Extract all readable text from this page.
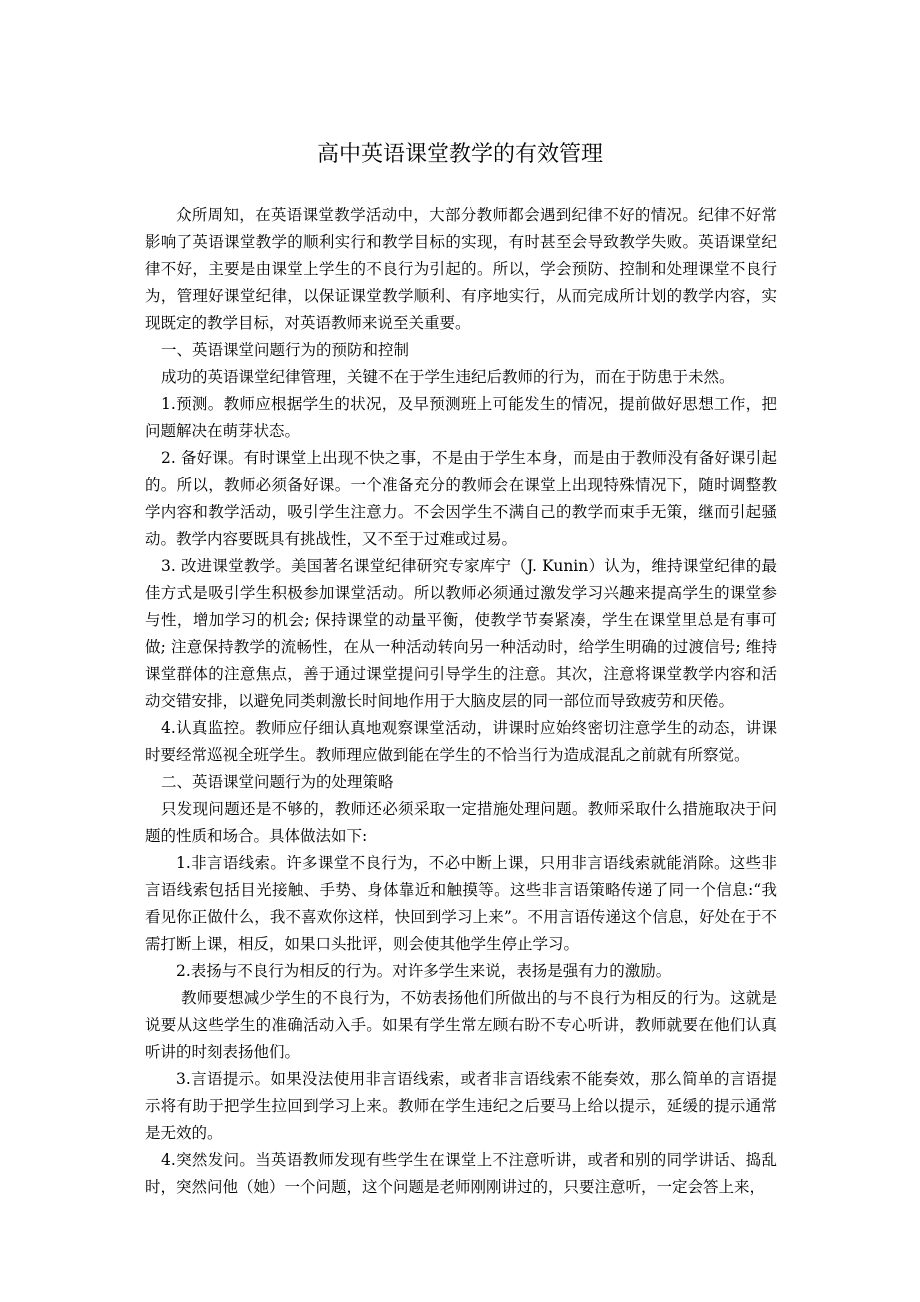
高中英语课堂教学的有效管理

众所周知，在英语课堂教学活动中，大部分教师都会遇到纪律不好的情况。纪律不好常影响了英语课堂教学的顺利实行和教学目标的实现，有时甚至会导致教学失败。英语课堂纪律不好，主要是由课堂上学生的不良行为引起的。所以，学会预防、控制和处理课堂不良行为，管理好课堂纪律，以保证课堂教学顺利、有序地实行，从而完成所计划的教学内容，实现既定的教学目标，对英语教师来说至关重要。

一、英语课堂问题行为的预防和控制

成功的英语课堂纪律管理，关键不在于学生违纪后教师的行为，而在于防患于未然。

1.预测。教师应根据学生的状况，及早预测班上可能发生的情况，提前做好思想工作，把问题解决在萌芽状态。

2. 备好课。有时课堂上出现不快之事，不是由于学生本身，而是由于教师没有备好课引起的。所以，教师必须备好课。一个准备充分的教师会在课堂上出现特殊情况下，随时调整教学内容和教学活动，吸引学生注意力。不会因学生不满自己的教学而束手无策，继而引起骚动。教学内容要既具有挑战性，又不至于过难或过易。

3. 改进课堂教学。美国著名课堂纪律研究专家库宁（J. Kunin）认为，维持课堂纪律的最佳方式是吸引学生积极参加课堂活动。所以教师必须通过激发学习兴趣来提高学生的课堂参与性，增加学习的机会; 保持课堂的动量平衡，使教学节奏紧凑，学生在课堂里总是有事可做; 注意保持教学的流畅性，在从一种活动转向另一种活动时，给学生明确的过渡信号; 维持课堂群体的注意焦点，善于通过课堂提问引导学生的注意。其次，注意将课堂教学内容和活动交错安排，以避免同类刺激长时间地作用于大脑皮层的同一部位而导致疲劳和厌倦。

4.认真监控。教师应仔细认真地观察课堂活动，讲课时应始终密切注意学生的动态，讲课时要经常巡视全班学生。教师理应做到能在学生的不恰当行为造成混乱之前就有所察觉。

二、英语课堂问题行为的处理策略

只发现问题还是不够的，教师还必须采取一定措施处理问题。教师采取什么措施取决于问题的性质和场合。具体做法如下:

1.非言语线索。许多课堂不良行为，不必中断上课，只用非言语线索就能消除。这些非言语线索包括目光接触、手势、身体靠近和触摸等。这些非言语策略传递了同一个信息:“我看见你正做什么，我不喜欢你这样，快回到学习上来”。不用言语传递这个信息，好处在于不需打断上课，相反，如果口头批评，则会使其他学生停止学习。

2.表扬与不良行为相反的行为。对许多学生来说，表扬是强有力的激励。

教师要想减少学生的不良行为，不妨表扬他们所做出的与不良行为相反的行为。这就是说要从这些学生的准确活动入手。如果有学生常左顾右盼不专心听讲，教师就要在他们认真听讲的时刻表扬他们。

3.言语提示。如果没法使用非言语线索，或者非言语线索不能奏效，那么简单的言语提示将有助于把学生拉回到学习上来。教师在学生违纪之后要马上给以提示，延缓的提示通常是无效的。

4.突然发问。当英语教师发现有些学生在课堂上不注意听讲，或者和别的同学讲话、捣乱时，突然问他（她）一个问题，这个问题是老师刚刚讲过的，只要注意听，一定会答上来，
